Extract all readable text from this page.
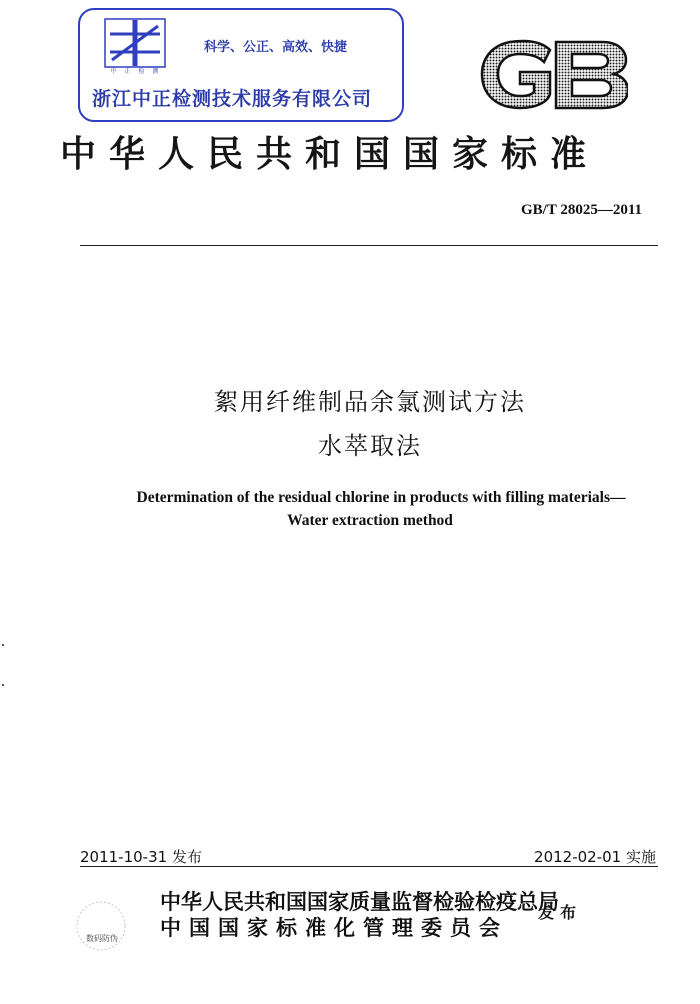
中 正 检 测
科学、公正、高效、快捷
浙江中正检测技术服务有限公司
中华人民共和国国家标准
GB/T 28025—2011
絮用纤维制品余氯测试方法
水萃取法
Determination of the residual chlorine in products with filling materials—
Water extraction method
2011-10-31 发布	2012-02-01 实施
数码防伪
中华人民共和国国家质量监督检验检疫总局
中国国家标准化管理委员会
发布
